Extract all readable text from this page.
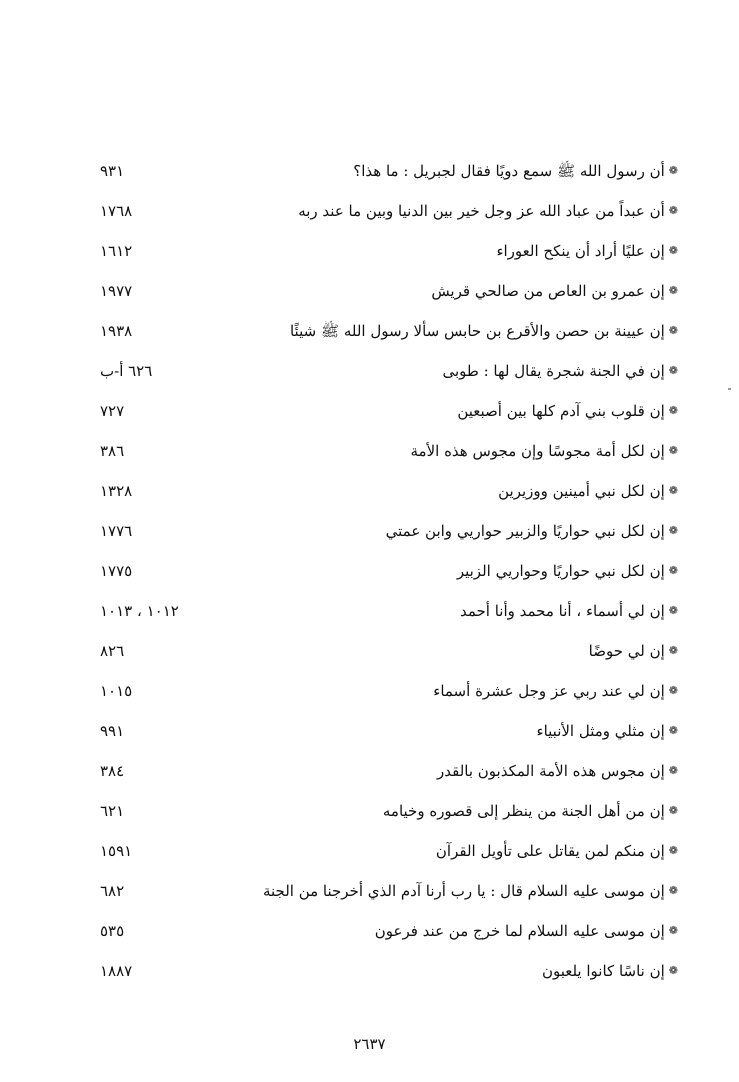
❁أن رسول الله ﷺ سمع دويًا فقال لجبريل : ما هذا؟
٩٣١
❁أن عبداً من عباد الله عز وجل خير بين الدنيا وبين ما عند ربه
١٧٦٨
❁إن عليًا أراد أن ينكح العوراء
١٦١٢
❁إن عمرو بن العاص من صالحي قريش
١٩٧٧
❁إن عيينة بن حصن والأقرع بن حابس سألا رسول الله ﷺ شيئًا
١٩٣٨
❁إن في الجنة شجرة يقال لها : طوبى
٦٢٦ أ-ب
❁إن قلوب بني آدم كلها بين أصبعين
٧٢٧
❁إن لكل أمة مجوسًا وإن مجوس هذه الأمة
٣٨٦
❁إن لكل نبي أمينين ووزيرين
١٣٢٨
❁إن لكل نبي حواريًا والزبير حواريي وابن عمتي
١٧٧٦
❁إن لكل نبي حواريًا وحواريي الزبير
١٧٧٥
❁إن لي أسماء ، أنا محمد وأنا أحمد
١٠١٢ ، ١٠١٣
❁إن لي حوضًا
٨٢٦
❁إن لي عند ربي عز وجل عشرة أسماء
١٠١٥
❁إن مثلي ومثل الأنبياء
٩٩١
❁إن مجوس هذه الأمة المكذبون بالقدر
٣٨٤
❁إن من أهل الجنة من ينظر إلى قصوره وخيامه
٦٢١
❁إن منكم لمن يقاتل على تأويل القرآن
١٥٩١
❁إن موسى عليه السلام قال : يا رب أرنا آدم الذي أخرجنا من الجنة
٦٨٢
❁إن موسى عليه السلام لما خرج من عند فرعون
٥٣٥
❁إن ناسًا كانوا يلعبون
١٨٨٧
٢٦٣٧
